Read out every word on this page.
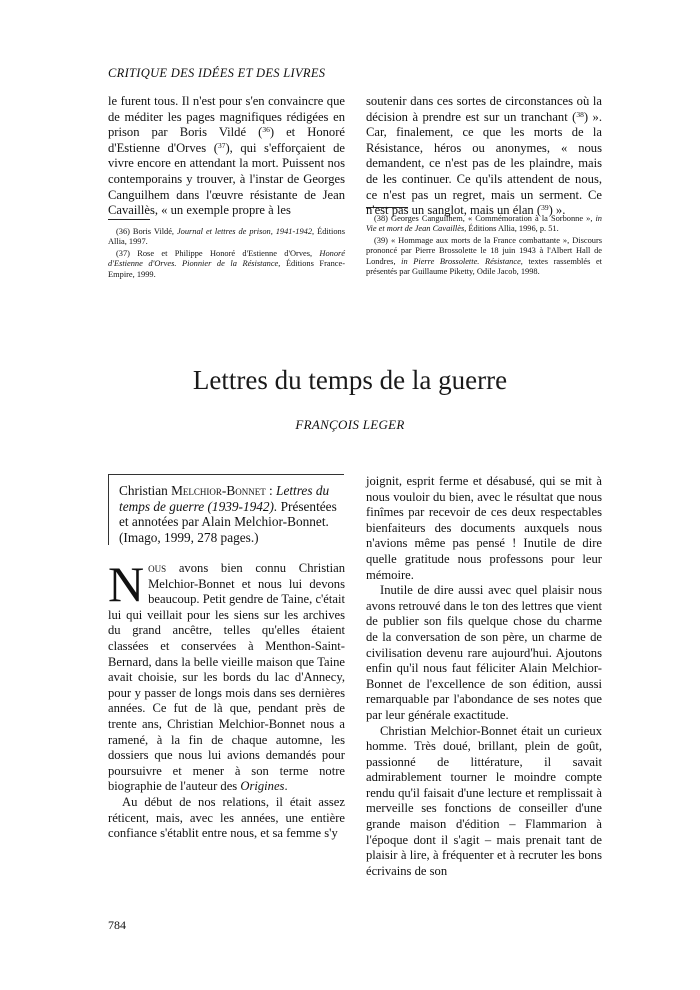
CRITIQUE DES IDÉES ET DES LIVRES

le furent tous. Il n'est pour s'en convaincre que de méditer les pages magnifiques rédigées en prison par Boris Vildé ($^{36}$) et Honoré d'Estienne d'Orves ($^{37}$), qui s'efforçaient de vivre encore en attendant la mort. Puissent nos contemporains y trouver, à l'instar de Georges Canguilhem dans l'œuvre résistante de Jean Cavaillès, « un exemple propre à les

soutenir dans ces sortes de circonstances où la décision à prendre est sur un tranchant ($^{38}$) ». Car, finalement, ce que les morts de la Résistance, héros ou anonymes, « nous demandent, ce n'est pas de les plaindre, mais de les continuer. Ce qu'ils attendent de nous, ce n'est pas un regret, mais un serment. Ce n'est pas un sanglot, mais un élan ($^{39}$) ».

(36) Boris Vildé, Journal et lettres de prison, 1941-1942, Éditions Allia, 1997.

(37) Rose et Philippe Honoré d'Estienne d'Orves, Honoré d'Estienne d'Orves. Pionnier de la Résistance, Éditions France-Empire, 1999.

(38) Georges Canguilhem, « Commémoration à la Sorbonne », in Vie et mort de Jean Cavaillès, Éditions Allia, 1996, p. 51.

(39) « Hommage aux morts de la France combattante », Discours prononcé par Pierre Brossolette le 18 juin 1943 à l'Albert Hall de Londres, in Pierre Brossolette. Résistance, textes rassemblés et présentés par Guillaume Piketty, Odile Jacob, 1998.

Lettres du temps de la guerre
FRANÇOIS LEGER
Christian Melchior-Bonnet : Lettres du temps de guerre (1939-1942). Présentées et annotées par Alain Melchior-Bonnet. (Imago, 1999, 278 pages.)

Nous avons bien connu Christian Melchior-Bonnet et nous lui devons beaucoup. Petit gendre de Taine, c'était lui qui veillait pour les siens sur les archives du grand ancêtre, telles qu'elles étaient classées et conservées à Menthon-Saint-Bernard, dans la belle vieille maison que Taine avait choisie, sur les bords du lac d'Annecy, pour y passer de longs mois dans ses dernières années. Ce fut de là que, pendant près de trente ans, Christian Melchior-Bonnet nous a ramené, à la fin de chaque automne, les dossiers que nous lui avions demandés pour poursuivre et mener à son terme notre biographie de l'auteur des Origines.

Au début de nos relations, il était assez réticent, mais, avec les années, une entière confiance s'établit entre nous, et sa femme s'y

joignit, esprit ferme et désabusé, qui se mit à nous vouloir du bien, avec le résultat que nous finîmes par recevoir de ces deux respectables bienfaiteurs des documents auxquels nous n'avions même pas pensé ! Inutile de dire quelle gratitude nous professons pour leur mémoire.

Inutile de dire aussi avec quel plaisir nous avons retrouvé dans le ton des lettres que vient de publier son fils quelque chose du charme de la conversation de son père, un charme de civilisation devenu rare aujourd'hui. Ajoutons enfin qu'il nous faut féliciter Alain Melchior-Bonnet de l'excellence de son édition, aussi remarquable par l'abondance de ses notes que par leur générale exactitude.

Christian Melchior-Bonnet était un curieux homme. Très doué, brillant, plein de goût, passionné de littérature, il savait admirablement tourner le moindre compte rendu qu'il faisait d'une lecture et remplissait à merveille ses fonctions de conseiller d'une grande maison d'édition – Flammarion à l'époque dont il s'agit – mais prenait tant de plaisir à lire, à fréquenter et à recruter les bons écrivains de son

784
